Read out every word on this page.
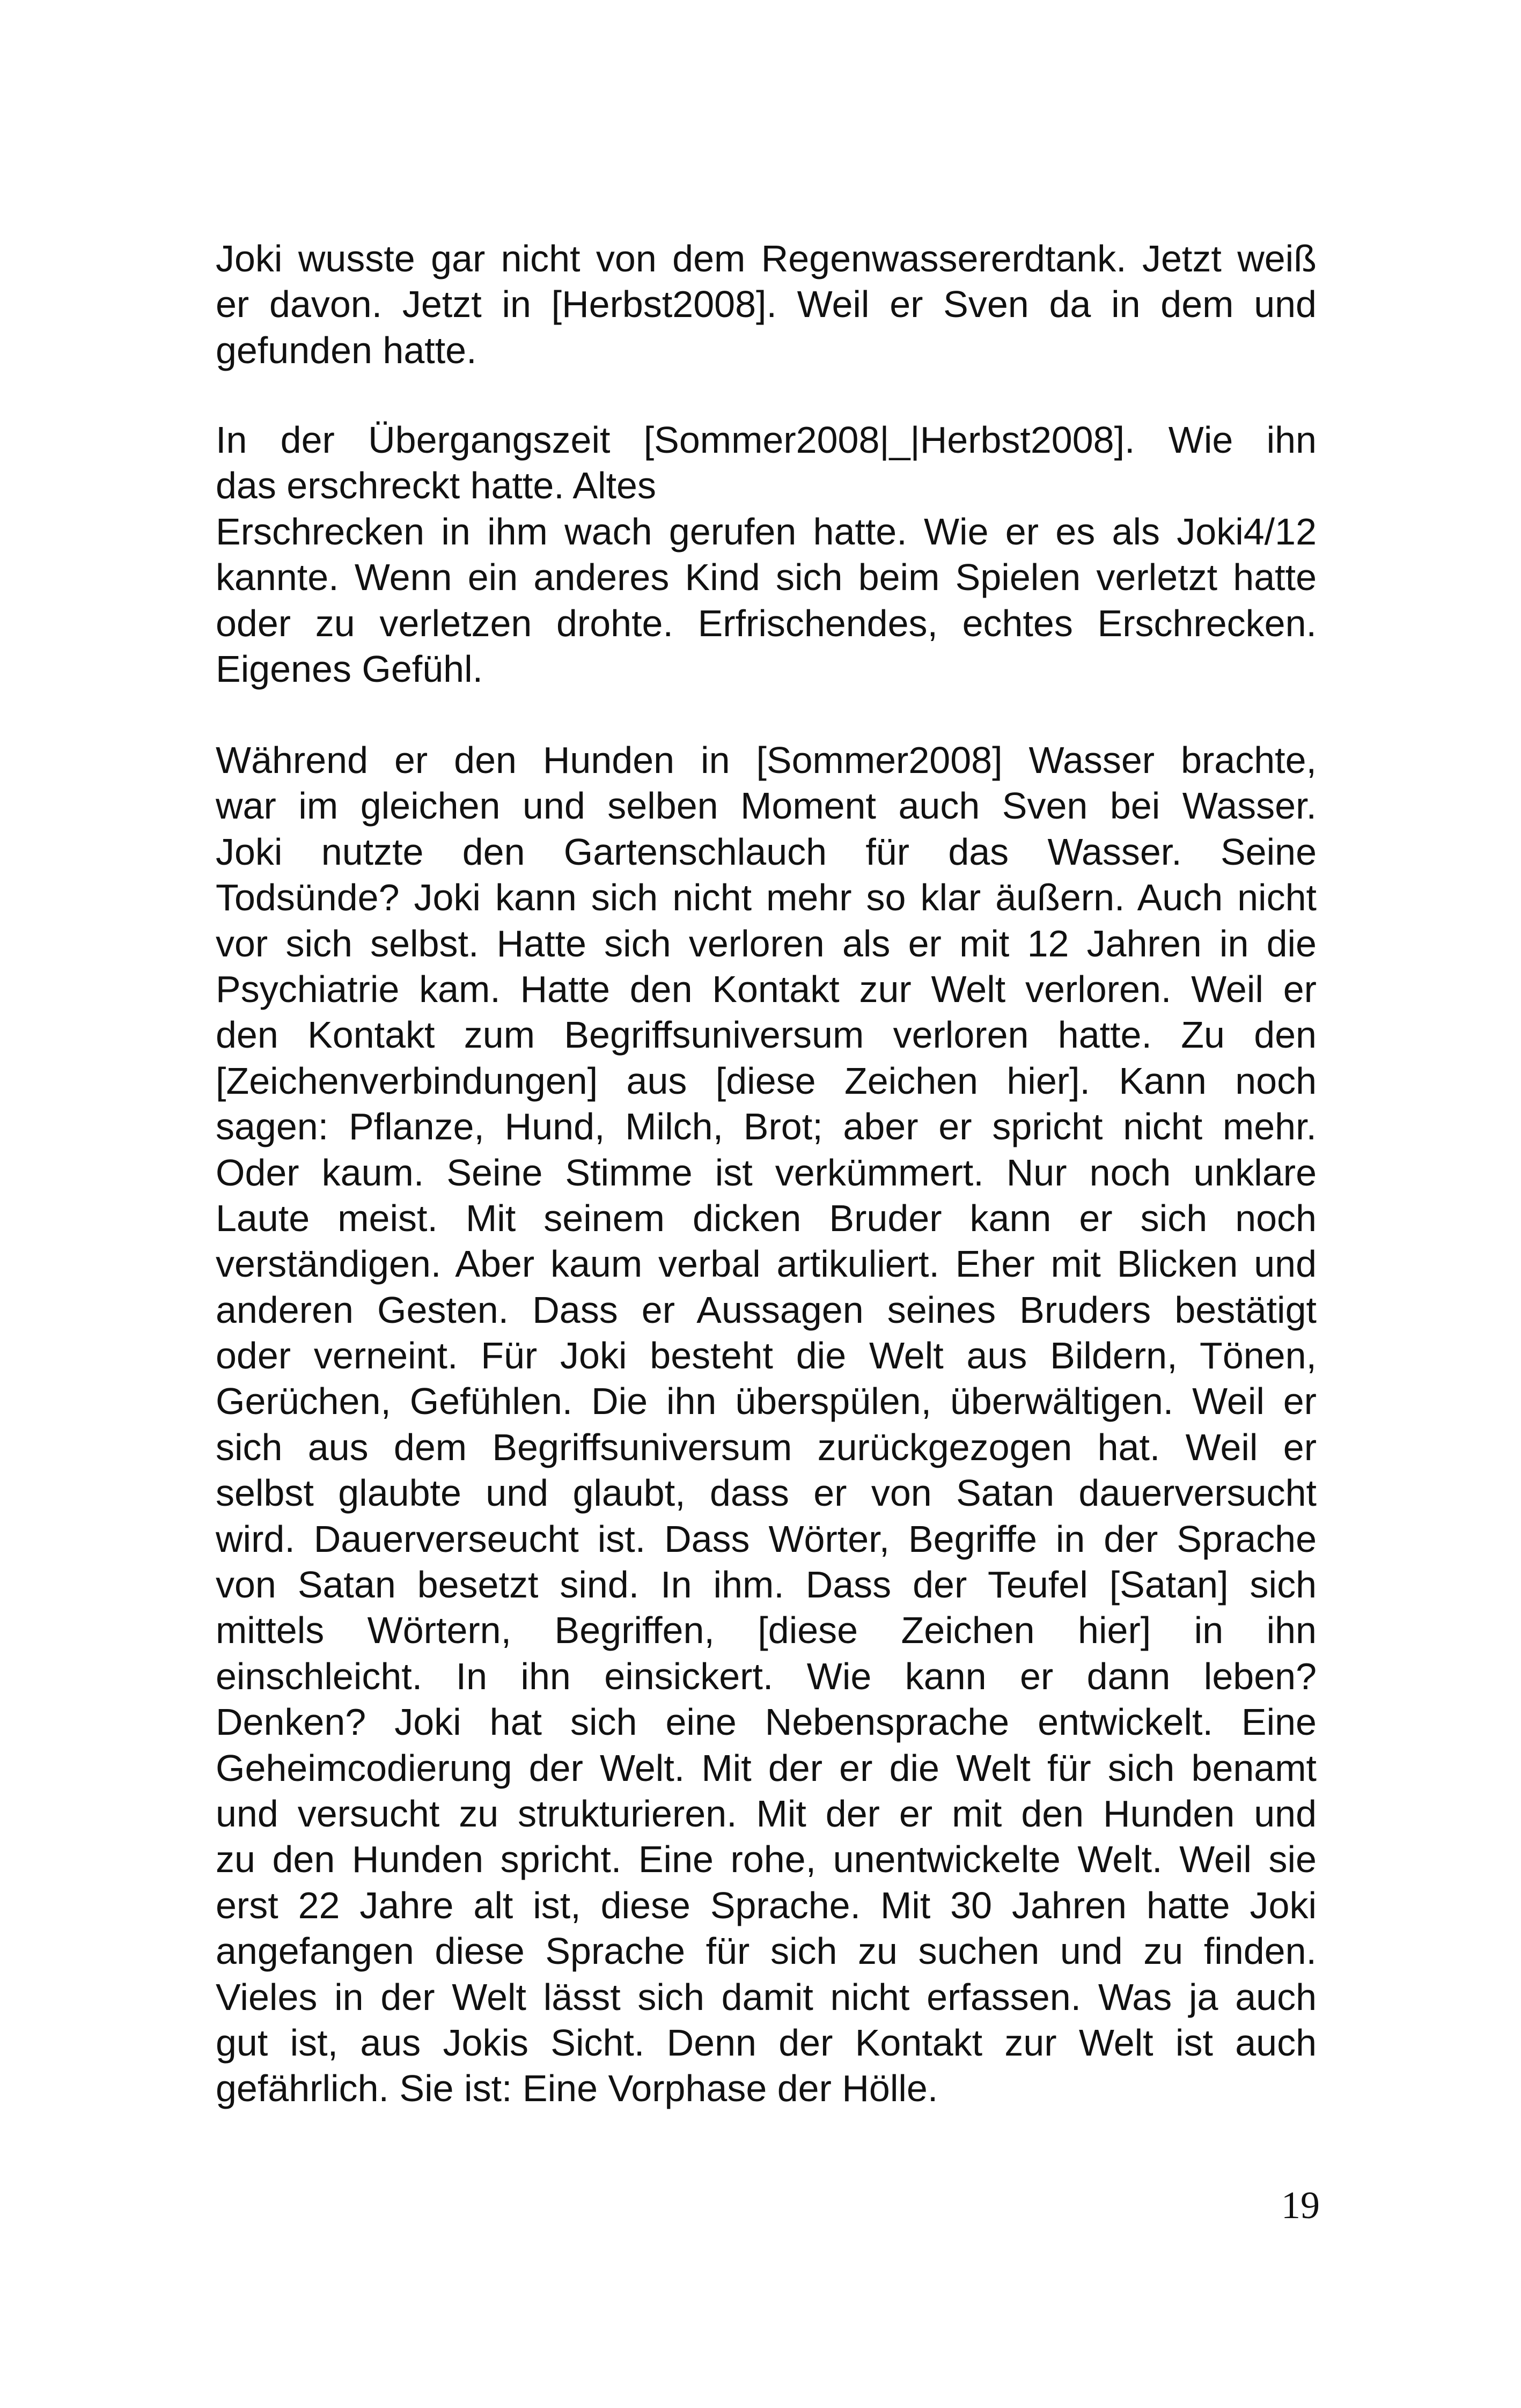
Joki wusste gar nicht von dem Regenwassererdtank. Jetzt weiß
er davon. Jetzt in [Herbst2008]. Weil er Sven da in dem und
gefunden hatte.
In der Übergangszeit [Sommer2008|_|Herbst2008]. Wie ihn
das erschreckt hatte. Altes
Erschrecken in ihm wach gerufen hatte. Wie er es als Joki4/12
kannte. Wenn ein anderes Kind sich beim Spielen verletzt hatte
oder zu verletzen drohte. Erfrischendes, echtes Erschrecken.
Eigenes Gefühl.
Während er den Hunden in [Sommer2008] Wasser brachte,
war im gleichen und selben Moment auch Sven bei Wasser.
Joki nutzte den Gartenschlauch für das Wasser. Seine
Todsünde? Joki kann sich nicht mehr so klar äußern. Auch nicht
vor sich selbst. Hatte sich verloren als er mit 12 Jahren in die
Psychiatrie kam. Hatte den Kontakt zur Welt verloren. Weil er
den Kontakt zum Begriffsuniversum verloren hatte. Zu den
[Zeichenverbindungen] aus [diese Zeichen hier]. Kann noch
sagen: Pflanze, Hund, Milch, Brot; aber er spricht nicht mehr.
Oder kaum. Seine Stimme ist verkümmert. Nur noch unklare
Laute meist. Mit seinem dicken Bruder kann er sich noch
verständigen. Aber kaum verbal artikuliert. Eher mit Blicken und
anderen Gesten. Dass er Aussagen seines Bruders bestätigt
oder verneint. Für Joki besteht die Welt aus Bildern, Tönen,
Gerüchen, Gefühlen. Die ihn überspülen, überwältigen. Weil er
sich aus dem Begriffsuniversum zurückgezogen hat. Weil er
selbst glaubte und glaubt, dass er von Satan dauerversucht
wird. Dauerverseucht ist. Dass Wörter, Begriffe in der Sprache
von Satan besetzt sind. In ihm. Dass der Teufel [Satan] sich
mittels Wörtern, Begriffen, [diese Zeichen hier] in ihn
einschleicht. In ihn einsickert. Wie kann er dann leben?
Denken? Joki hat sich eine Nebensprache entwickelt. Eine
Geheimcodierung der Welt. Mit der er die Welt für sich benamt
und versucht zu strukturieren. Mit der er mit den Hunden und
zu den Hunden spricht. Eine rohe, unentwickelte Welt. Weil sie
erst 22 Jahre alt ist, diese Sprache. Mit 30 Jahren hatte Joki
angefangen diese Sprache für sich zu suchen und zu finden.
Vieles in der Welt lässt sich damit nicht erfassen. Was ja auch
gut ist, aus Jokis Sicht. Denn der Kontakt zur Welt ist auch
gefährlich. Sie ist: Eine Vorphase der Hölle.
19
